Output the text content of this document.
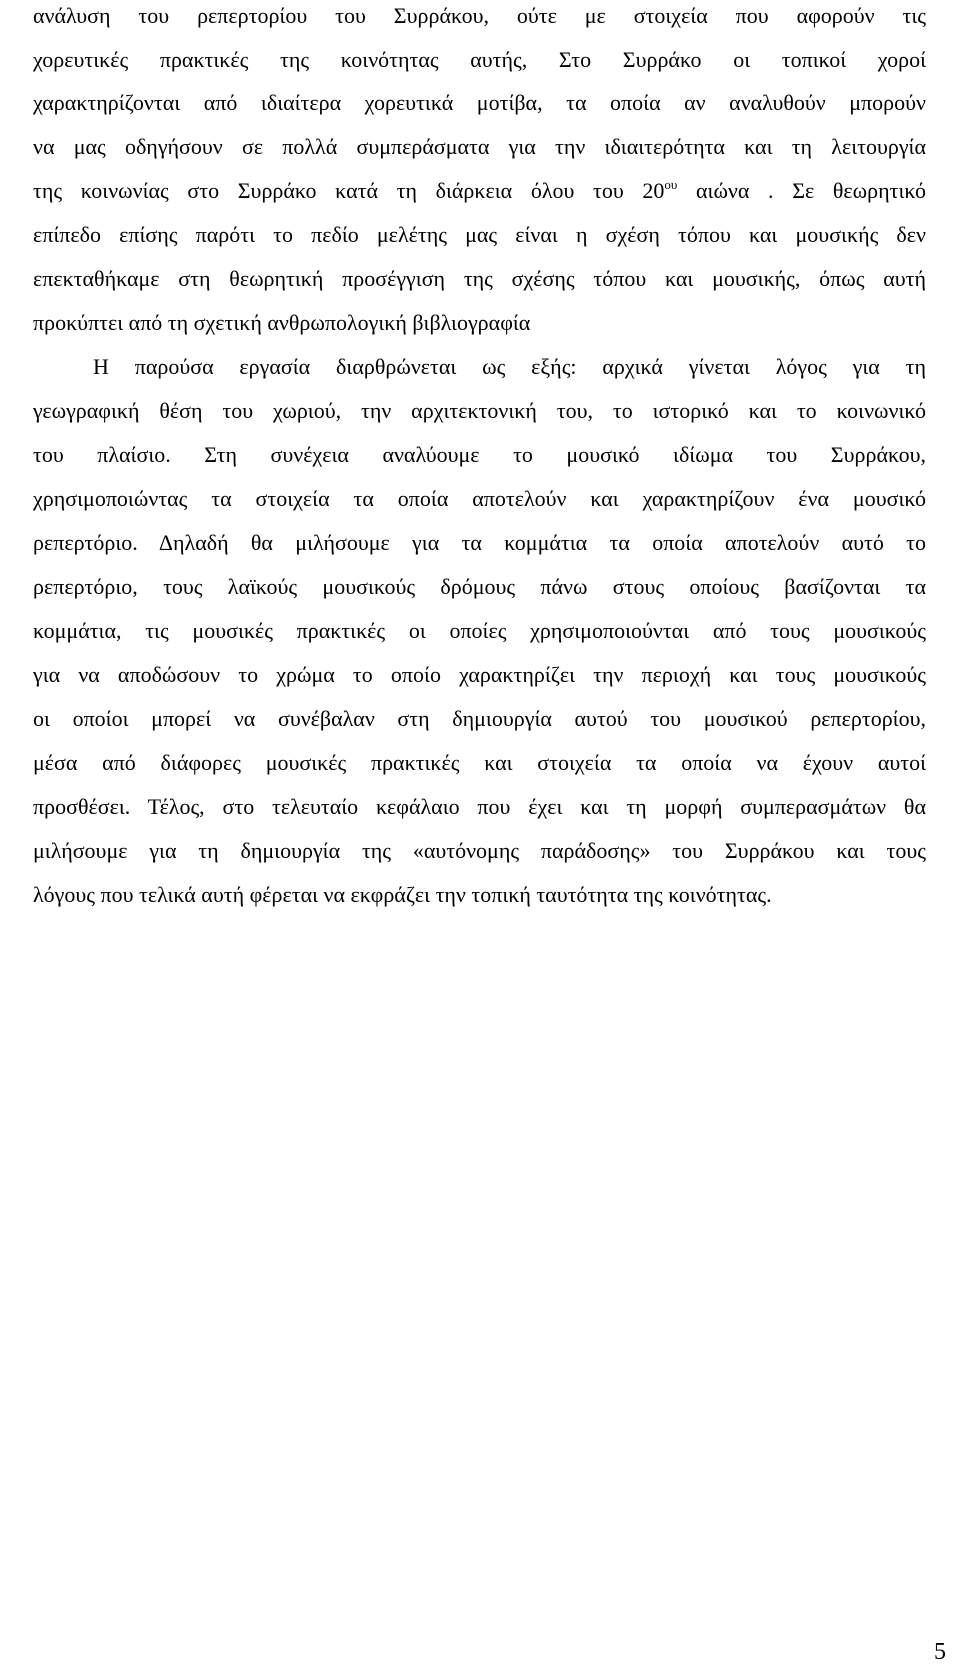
ανάλυση του ρεπερτορίου του Συρράκου, ούτε με στοιχεία που αφορούν τις
χορευτικές πρακτικές της κοινότητας αυτής, Στο Συρράκο οι τοπικοί χοροί
χαρακτηρίζονται από ιδιαίτερα χορευτικά μοτίβα, τα οποία αν αναλυθούν μπορούν
να μας οδηγήσουν σε πολλά συμπεράσματα για την ιδιαιτερότητα και τη λειτουργία
της κοινωνίας στο Συρράκο κατά τη διάρκεια όλου του $20^{o\upsilon}$ αιώνα . Σε θεωρητικό
επίπεδο επίσης παρότι το πεδίο μελέτης μας είναι η σχέση τόπου και μουσικής δεν
επεκταθήκαμε στη θεωρητική προσέγγιση της σχέσης τόπου και μουσικής, όπως αυτή
προκύπτει από τη σχετική ανθρωπολογική βιβλιογραφία
Η παρούσα εργασία διαρθρώνεται ως εξής: αρχικά γίνεται λόγος για τη
γεωγραφική θέση του χωριού, την αρχιτεκτονική του, το ιστορικό και το κοινωνικό
του πλαίσιο. Στη συνέχεια αναλύουμε το μουσικό ιδίωμα του Συρράκου,
χρησιμοποιώντας τα στοιχεία τα οποία αποτελούν και χαρακτηρίζουν ένα μουσικό
ρεπερτόριο. Δηλαδή θα μιλήσουμε για τα κομμάτια τα οποία αποτελούν αυτό το
ρεπερτόριο, τους λαϊκούς μουσικούς δρόμους πάνω στους οποίους βασίζονται τα
κομμάτια, τις μουσικές πρακτικές οι οποίες χρησιμοποιούνται από τους μουσικούς
για να αποδώσουν το χρώμα το οποίο χαρακτηρίζει την περιοχή και τους μουσικούς
οι οποίοι μπορεί να συνέβαλαν στη δημιουργία αυτού του μουσικού ρεπερτορίου,
μέσα από διάφορες μουσικές πρακτικές και στοιχεία τα οποία να έχουν αυτοί
προσθέσει. Τέλος, στο τελευταίο κεφάλαιο που έχει και τη μορφή συμπερασμάτων θα
μιλήσουμε για τη δημιουργία της «αυτόνομης παράδοσης» του Συρράκου και τους
λόγους που τελικά αυτή φέρεται να εκφράζει την τοπική ταυτότητα της κοινότητας.
5
